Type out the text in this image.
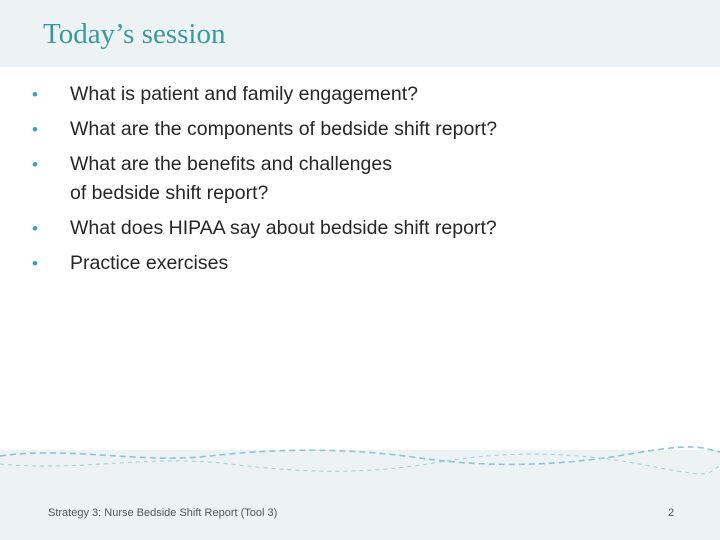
Today’s session
• What is patient and family engagement?
• What are the components of bedside shift report?
• What are the benefits and challenges
of bedside shift report?
• What does HIPAA say about bedside shift report?
• Practice exercises
Strategy 3: Nurse Bedside Shift Report (Tool 3)	2
